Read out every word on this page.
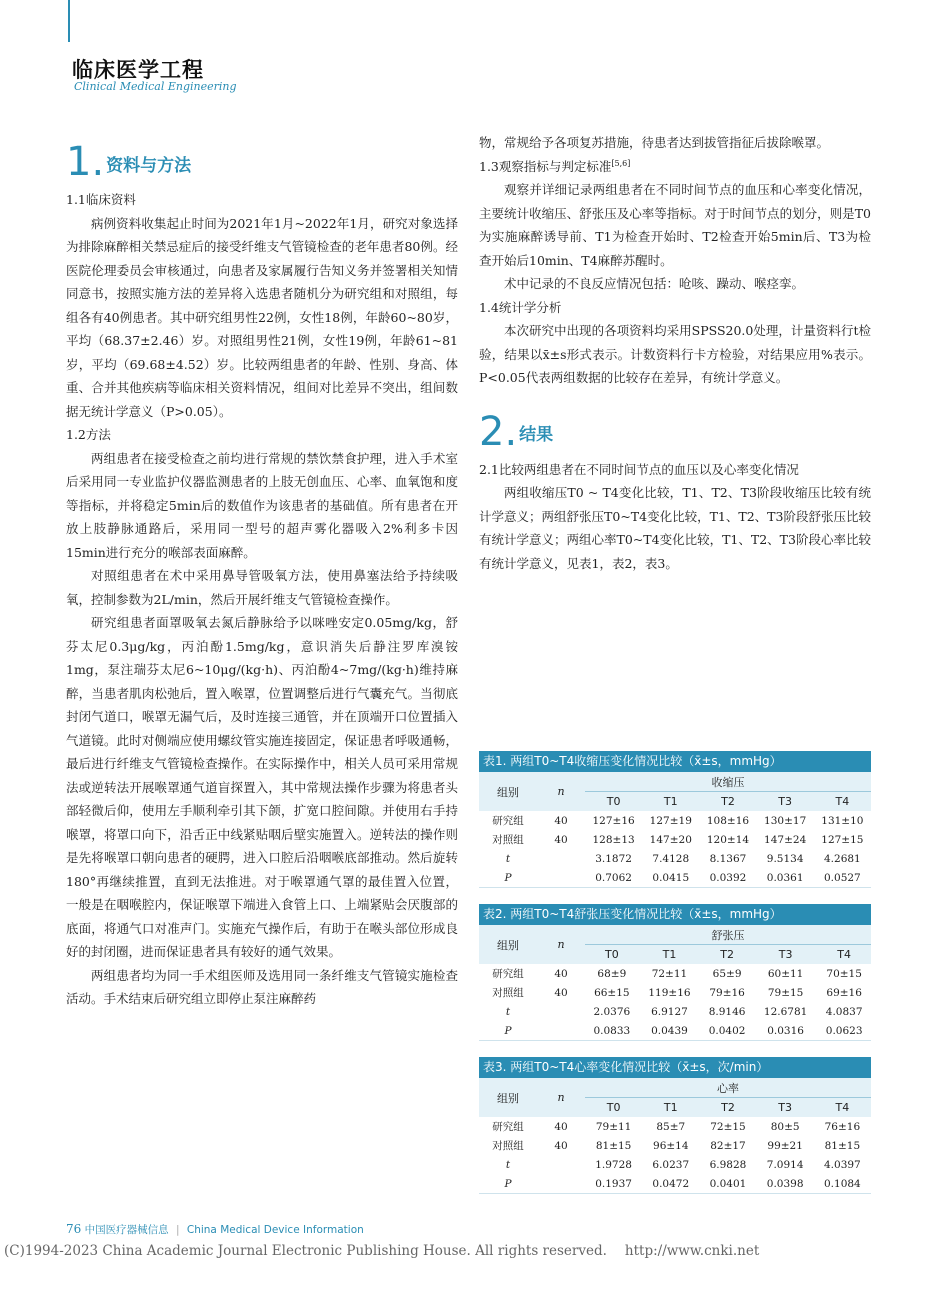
临床医学工程
Clinical Medical Engineering
1. 资料与方法

1.1临床资料

病例资料收集起止时间为2021年1月~2022年1月，研究对象选择为排除麻醉相关禁忌症后的接受纤维支气管镜检查的老年患者80例。经医院伦理委员会审核通过，向患者及家属履行告知义务并签署相关知情同意书，按照实施方法的差异将入选患者随机分为研究组和对照组，每组各有40例患者。其中研究组男性22例，女性18例，年龄60~80岁，平均（68.37±2.46）岁。对照组男性21例，女性19例，年龄61~81岁，平均（69.68±4.52）岁。比较两组患者的年龄、性别、身高、体重、合并其他疾病等临床相关资料情况，组间对比差异不突出，组间数据无统计学意义（P>0.05）。

1.2方法

两组患者在接受检查之前均进行常规的禁饮禁食护理，进入手术室后采用同一专业监护仪器监测患者的上肢无创血压、心率、血氧饱和度等指标，并将稳定5min后的数值作为该患者的基础值。所有患者在开放上肢静脉通路后，采用同一型号的超声雾化器吸入2%利多卡因15min进行充分的喉部表面麻醉。

对照组患者在术中采用鼻导管吸氧方法，使用鼻塞法给予持续吸氧，控制参数为2L/min，然后开展纤维支气管镜检查操作。

研究组患者面罩吸氧去氮后静脉给予以咪唑安定0.05mg/kg，舒芬太尼0.3μg/kg，丙泊酚1.5mg/kg，意识消失后静注罗库溴铵1mg，泵注瑞芬太尼6~10μg/(kg·h)、丙泊酚4~7mg/(kg·h)维持麻醉，当患者肌肉松弛后，置入喉罩，位置调整后进行气囊充气。当彻底封闭气道口，喉罩无漏气后，及时连接三通管，并在顶端开口位置插入气道镜。此时对侧端应使用螺纹管实施连接固定，保证患者呼吸通畅，最后进行纤维支气管镜检查操作。在实际操作中，相关人员可采用常规法或逆转法开展喉罩通气道盲探置入，其中常规法操作步骤为将患者头部轻微后仰，使用左手顺利牵引其下颌，扩宽口腔间隙。并使用右手持喉罩，将罩口向下，沿舌正中线紧贴咽后壁实施置入。逆转法的操作则是先将喉罩口朝向患者的硬腭，进入口腔后沿咽喉底部推动。然后旋转180°再继续推置，直到无法推进。对于喉罩通气罩的最佳置入位置，一般是在咽喉腔内，保证喉罩下端进入食管上口、上端紧贴会厌腹部的底面，将通气口对准声门。实施充气操作后，有助于在喉头部位形成良好的封闭圈，进而保证患者具有较好的通气效果。

两组患者均为同一手术组医师及选用同一条纤维支气管镜实施检查活动。手术结束后研究组立即停止泵注麻醉药

物，常规给予各项复苏措施，待患者达到拔管指征后拔除喉罩。

1.3观察指标与判定标准[5,6]

观察并详细记录两组患者在不同时间节点的血压和心率变化情况，主要统计收缩压、舒张压及心率等指标。对于时间节点的划分，则是T0为实施麻醉诱导前、T1为检查开始时、T2检查开始5min后、T3为检查开始后10min、T4麻醉苏醒时。

术中记录的不良反应情况包括：呛咳、躁动、喉痉挛。

1.4统计学分析

本次研究中出现的各项资料均采用SPSS20.0处理，计量资料行t检验，结果以x̄±s形式表示。计数资料行卡方检验，对结果应用%表示。P<0.05代表两组数据的比较存在差异，有统计学意义。

2. 结果

2.1比较两组患者在不同时间节点的血压以及心率变化情况

两组收缩压T0 ~ T4变化比较，T1、T2、T3阶段收缩压比较有统计学意义；两组舒张压T0~T4变化比较，T1、T2、T3阶段舒张压比较有统计学意义；两组心率T0~T4变化比较，T1、T2、T3阶段心率比较有统计学意义，见表1，表2，表3。

表1. 两组T0~T4收缩压变化情况比较（x̄±s，mmHg）
组别	n	收缩压				
		T0	T1	T2	T3	T4
研究组	40	127±16	127±19	108±16	130±17	131±10
对照组	40	128±13	147±20	120±14	147±24	127±15
t		3.1872	7.4128	8.1367	9.5134	4.2681
P		0.7062	0.0415	0.0392	0.0361	0.0527
表2. 两组T0~T4舒张压变化情况比较（x̄±s，mmHg）
组别	n	舒张压				
		T0	T1	T2	T3	T4
研究组	40	68±9	72±11	65±9	60±11	70±15
对照组	40	66±15	119±16	79±16	79±15	69±16
t		2.0376	6.9127	8.9146	12.6781	4.0837
P		0.0833	0.0439	0.0402	0.0316	0.0623
表3. 两组T0~T4心率变化情况比较（x̄±s，次/min）
组别	n	心率				
		T0	T1	T2	T3	T4
研究组	40	79±11	85±7	72±15	80±5	76±16
对照组	40	81±15	96±14	82±17	99±21	81±15
t		1.9728	6.0237	6.9828	7.0914	4.0397
P		0.1937	0.0472	0.0401	0.0398	0.1084
76 中国医疗器械信息 | China Medical Device Information
(C)1994-2023 China Academic Journal Electronic Publishing House. All rights reserved. http://www.cnki.net
